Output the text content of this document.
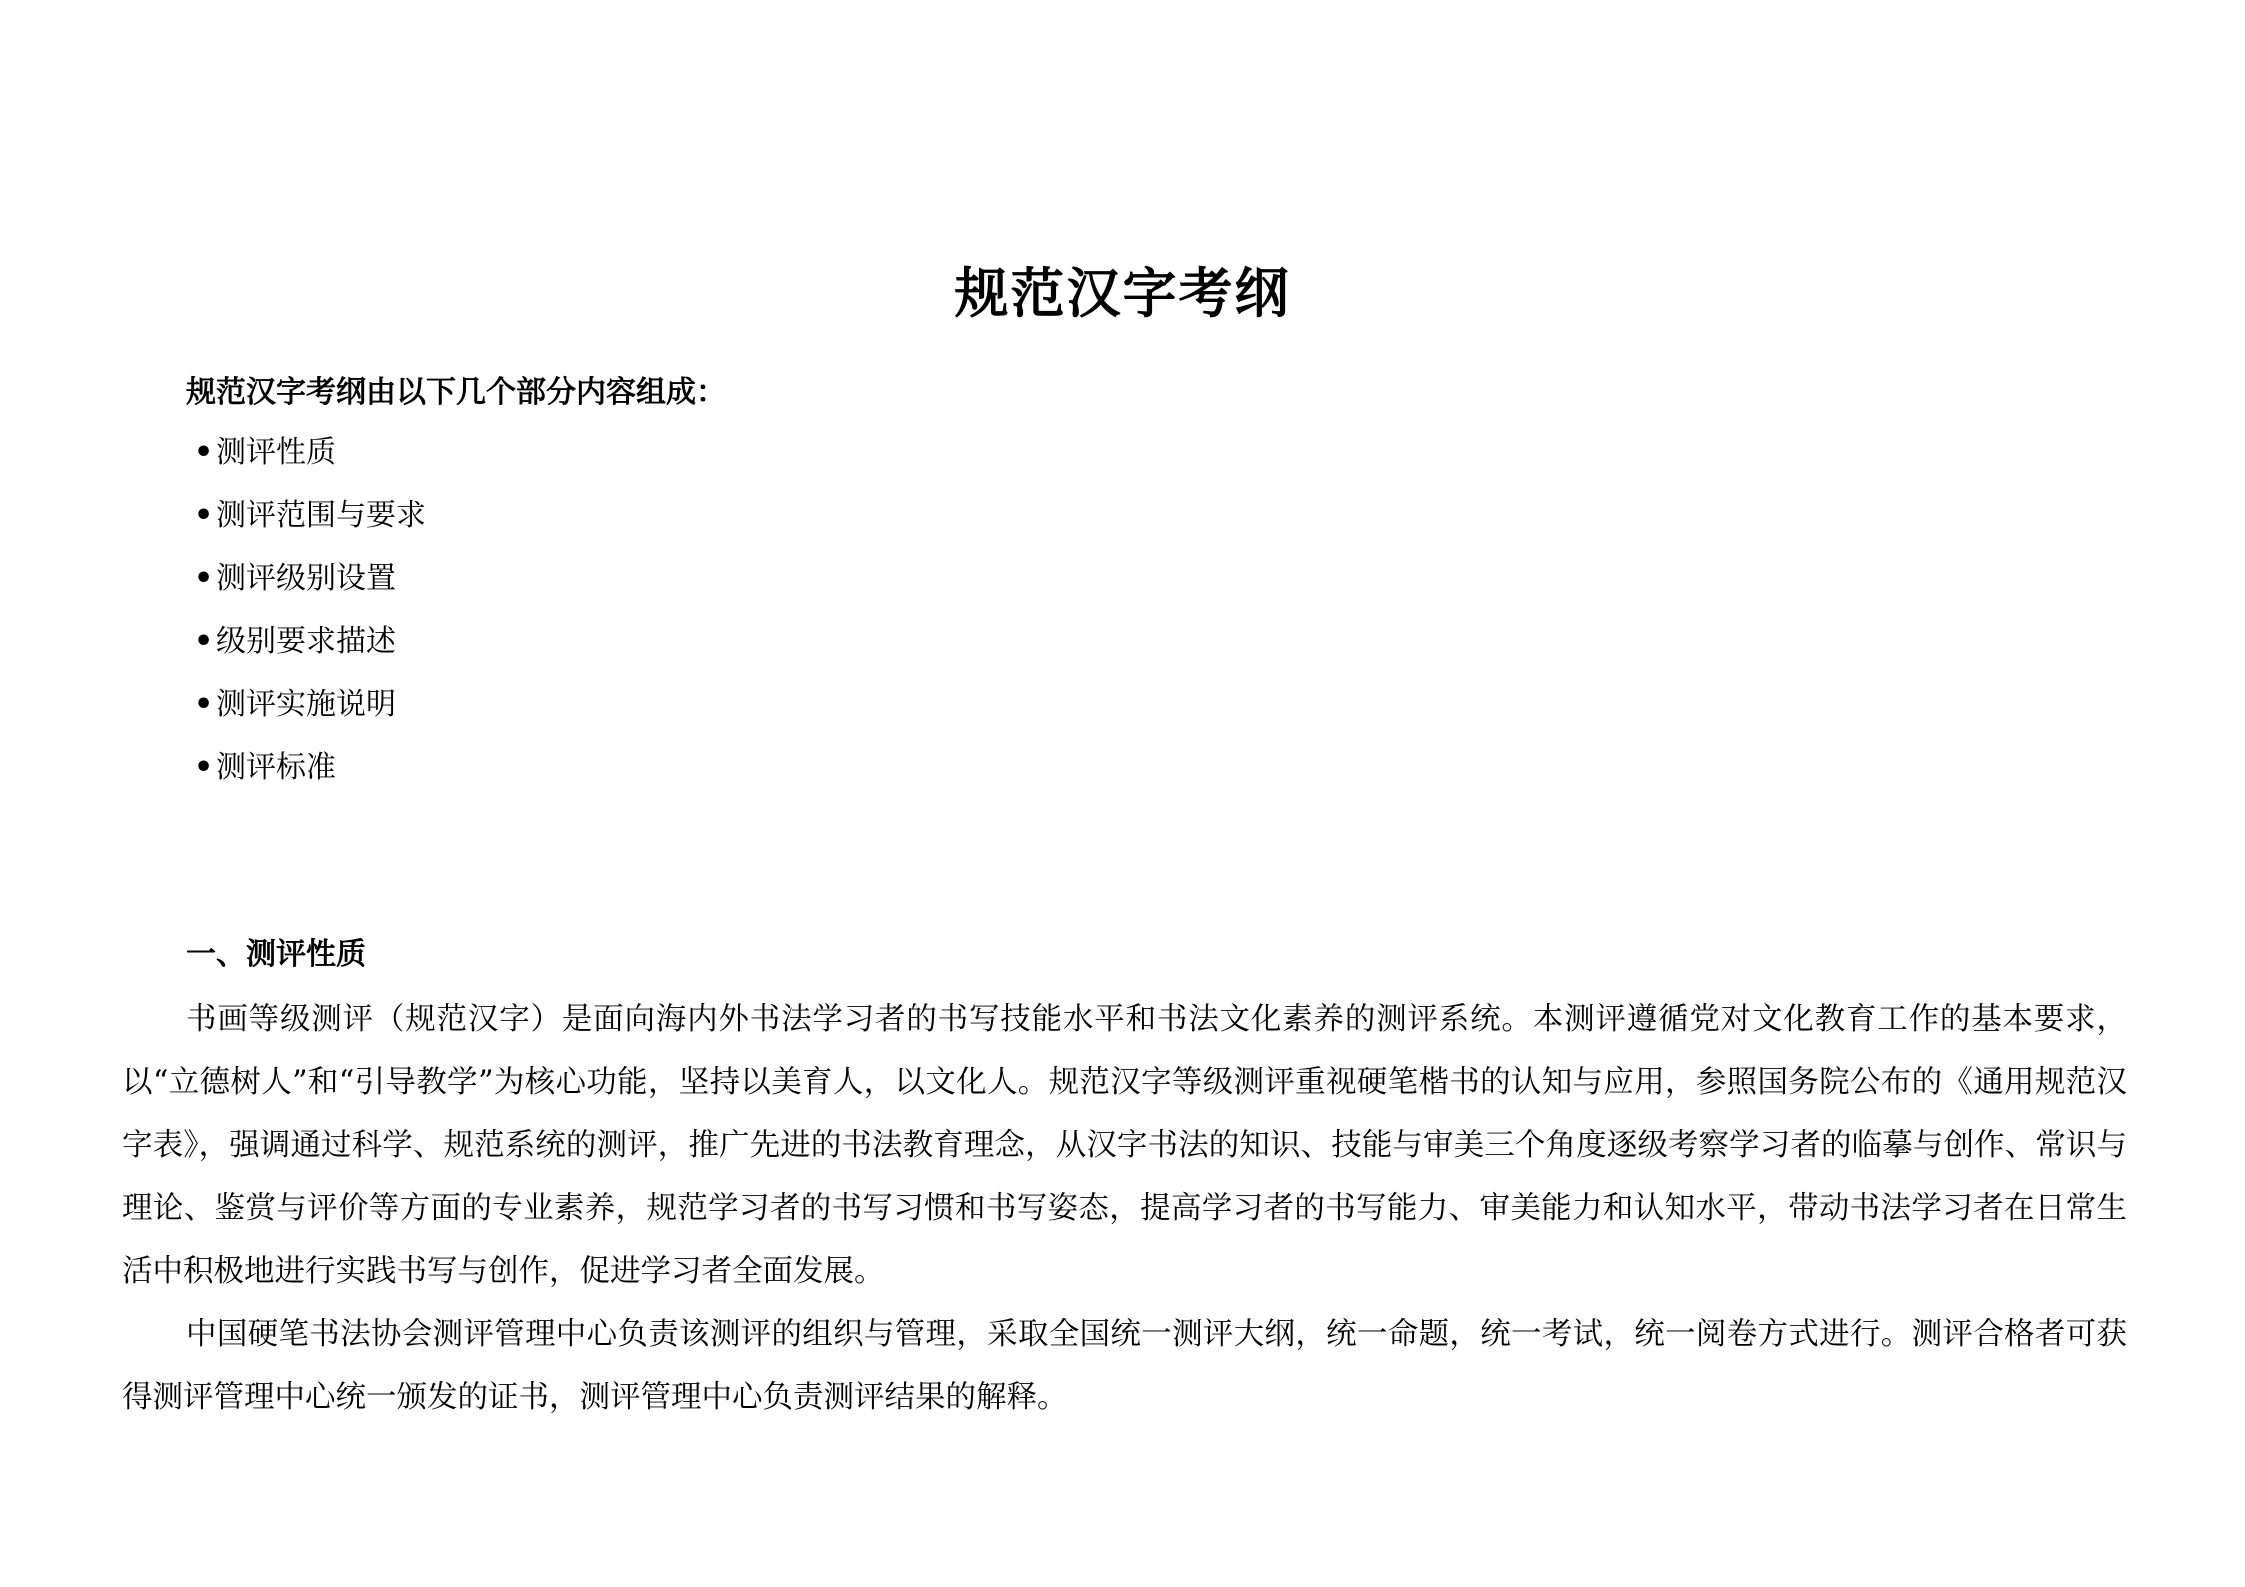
规范汉字考纲
规范汉字考纲由以下几个部分内容组成：
•测评性质
•测评范围与要求
•测评级别设置
•级别要求描述
•测评实施说明
•测评标准
一、测评性质

书画等级测评（规范汉字）是面向海内外书法学习者的书写技能水平和书法文化素养的测评系统。本测评遵循党对文化教育工作的基本要求，以“立德树人”和“引导教学”为核心功能，坚持以美育人，以文化人。规范汉字等级测评重视硬笔楷书的认知与应用，参照国务院公布的《通用规范汉字表》，强调通过科学、规范系统的测评，推广先进的书法教育理念，从汉字书法的知识、技能与审美三个角度逐级考察学习者的临摹与创作、常识与理论、鉴赏与评价等方面的专业素养，规范学习者的书写习惯和书写姿态，提高学习者的书写能力、审美能力和认知水平，带动书法学习者在日常生活中积极地进行实践书写与创作，促进学习者全面发展。

中国硬笔书法协会测评管理中心负责该测评的组织与管理，采取全国统一测评大纲，统一命题，统一考试，统一阅卷方式进行。测评合格者可获得测评管理中心统一颁发的证书，测评管理中心负责测评结果的解释。
